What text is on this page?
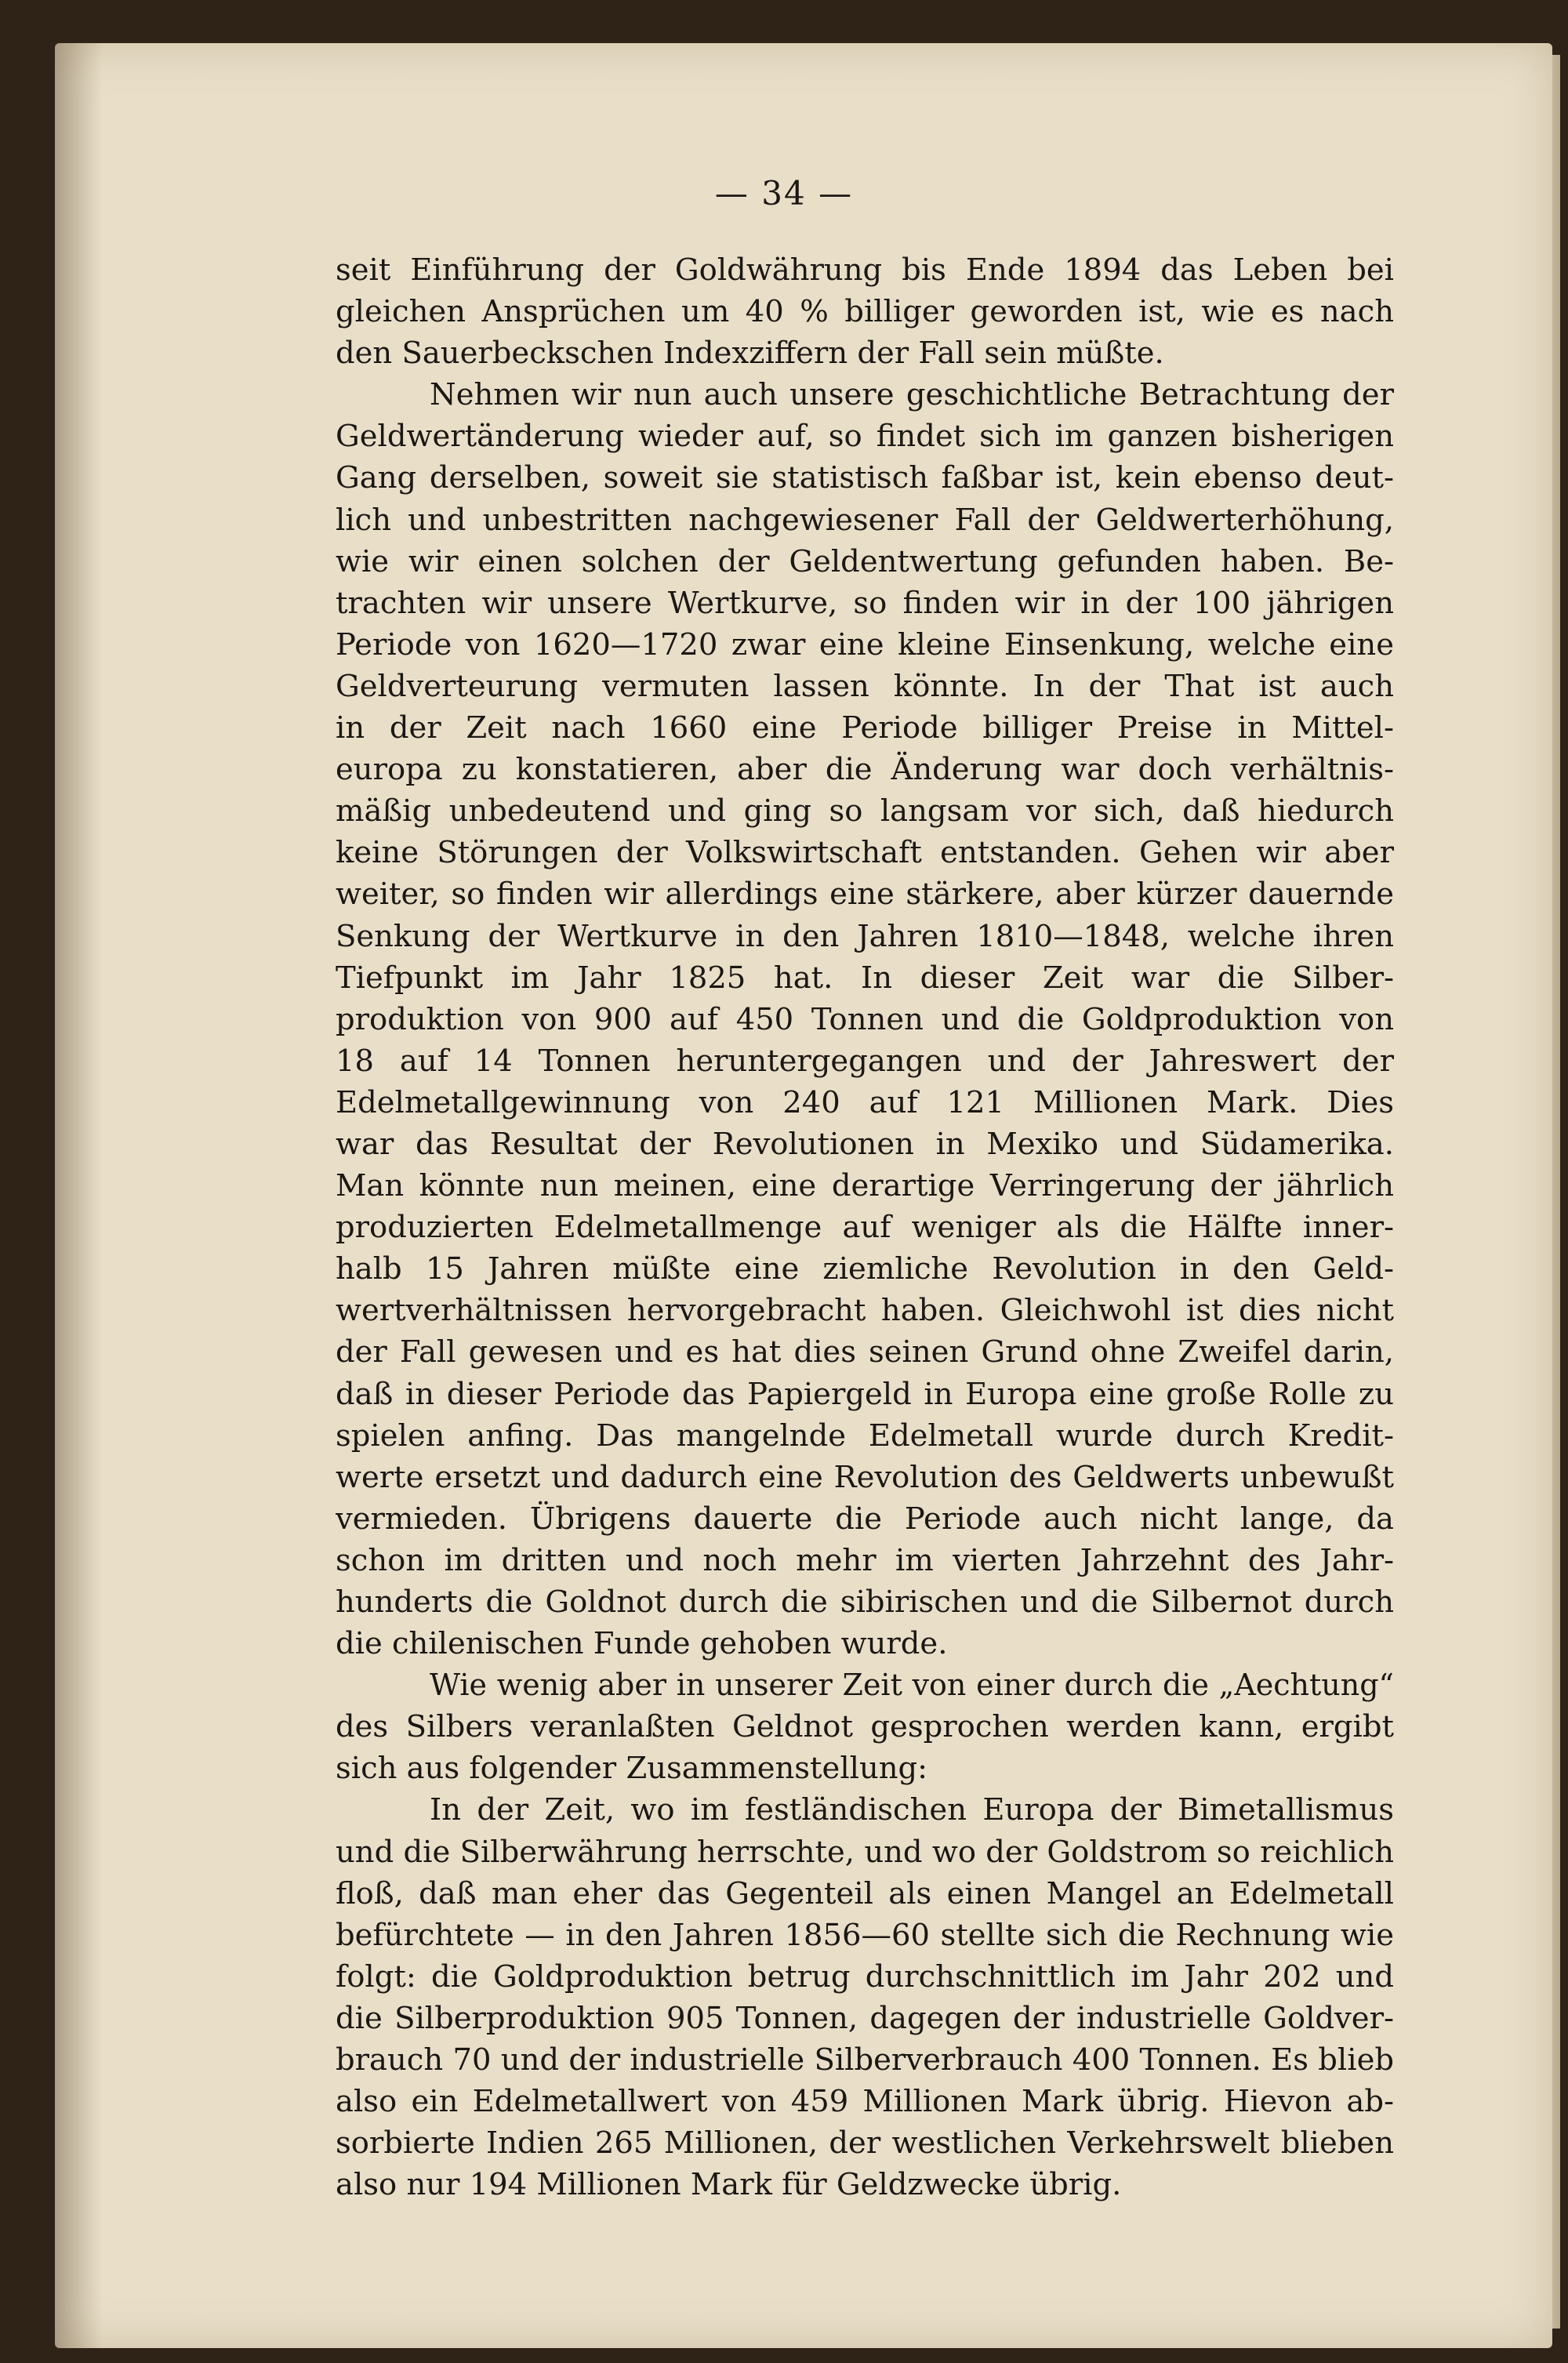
— 34 —

seit Einführung der Goldwährung bis Ende 1894 das Leben bei
gleichen Ansprüchen um 40 % billiger geworden ist, wie es nach
den Sauerbeckschen Indexziffern der Fall sein müßte.

Nehmen wir nun auch unsere geschichtliche Betrachtung der
Geldwertänderung wieder auf, so findet sich im ganzen bisherigen
Gang derselben, soweit sie statistisch faßbar ist, kein ebenso deut-
lich und unbestritten nachgewiesener Fall der Geldwerterhöhung,
wie wir einen solchen der Geldentwertung gefunden haben. Be-
trachten wir unsere Wertkurve, so finden wir in der 100 jährigen
Periode von 1620—1720 zwar eine kleine Einsenkung, welche eine
Geldverteurung vermuten lassen könnte. In der That ist auch
in der Zeit nach 1660 eine Periode billiger Preise in Mittel-
europa zu konstatieren, aber die Änderung war doch verhältnis-
mäßig unbedeutend und ging so langsam vor sich, daß hiedurch
keine Störungen der Volkswirtschaft entstanden. Gehen wir aber
weiter, so finden wir allerdings eine stärkere, aber kürzer dauernde
Senkung der Wertkurve in den Jahren 1810—1848, welche ihren
Tiefpunkt im Jahr 1825 hat. In dieser Zeit war die Silber-
produktion von 900 auf 450 Tonnen und die Goldproduktion von
18 auf 14 Tonnen heruntergegangen und der Jahreswert der
Edelmetallgewinnung von 240 auf 121 Millionen Mark. Dies
war das Resultat der Revolutionen in Mexiko und Südamerika.
Man könnte nun meinen, eine derartige Verringerung der jährlich
produzierten Edelmetallmenge auf weniger als die Hälfte inner-
halb 15 Jahren müßte eine ziemliche Revolution in den Geld-
wertverhältnissen hervorgebracht haben. Gleichwohl ist dies nicht
der Fall gewesen und es hat dies seinen Grund ohne Zweifel darin,
daß in dieser Periode das Papiergeld in Europa eine große Rolle zu
spielen anfing. Das mangelnde Edelmetall wurde durch Kredit-
werte ersetzt und dadurch eine Revolution des Geldwerts unbewußt
vermieden. Übrigens dauerte die Periode auch nicht lange, da
schon im dritten und noch mehr im vierten Jahrzehnt des Jahr-
hunderts die Goldnot durch die sibirischen und die Silbernot durch
die chilenischen Funde gehoben wurde.

Wie wenig aber in unserer Zeit von einer durch die „Aechtung“
des Silbers veranlaßten Geldnot gesprochen werden kann, ergibt
sich aus folgender Zusammenstellung:

In der Zeit, wo im festländischen Europa der Bimetallismus
und die Silberwährung herrschte, und wo der Goldstrom so reichlich
floß, daß man eher das Gegenteil als einen Mangel an Edelmetall
befürchtete — in den Jahren 1856—60 stellte sich die Rechnung wie
folgt: die Goldproduktion betrug durchschnittlich im Jahr 202 und
die Silberproduktion 905 Tonnen, dagegen der industrielle Goldver-
brauch 70 und der industrielle Silberverbrauch 400 Tonnen. Es blieb
also ein Edelmetallwert von 459 Millionen Mark übrig. Hievon ab-
sorbierte Indien 265 Millionen, der westlichen Verkehrswelt blieben
also nur 194 Millionen Mark für Geldzwecke übrig.
